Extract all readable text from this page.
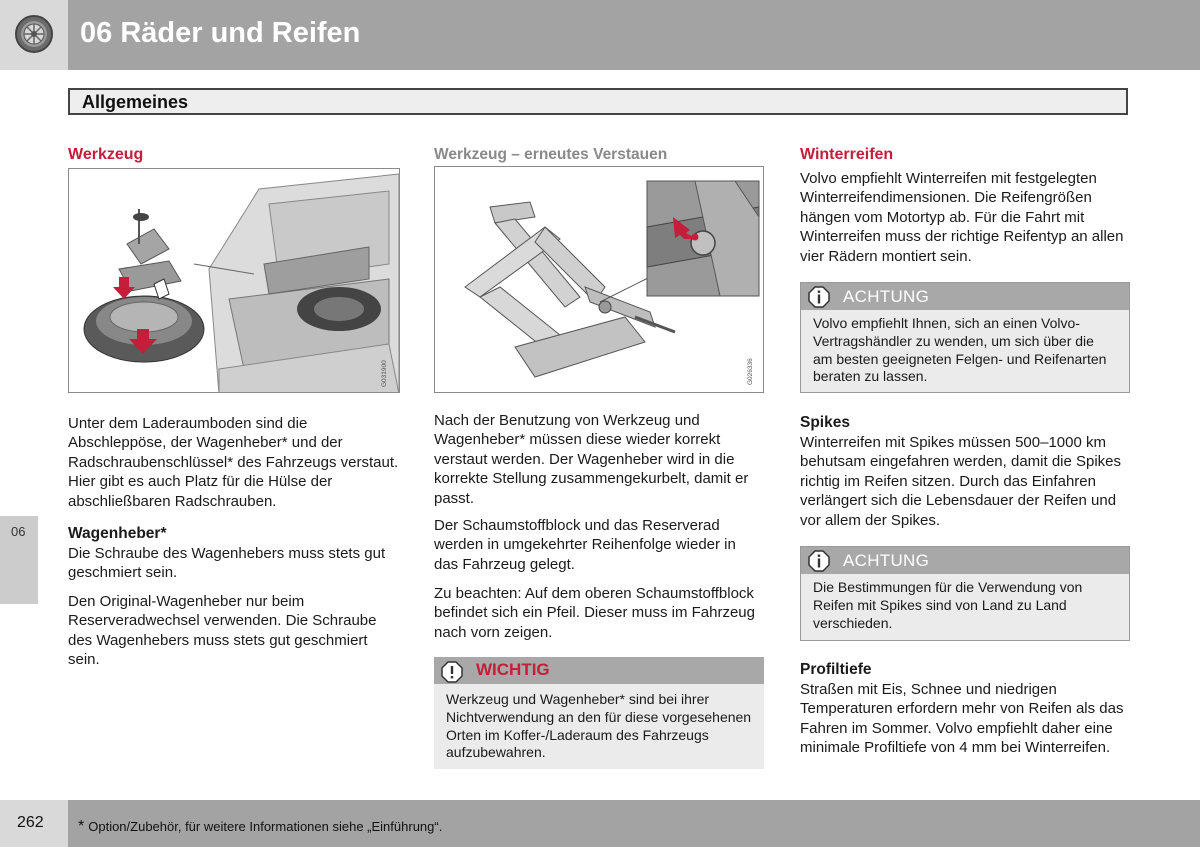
06 Räder und Reifen
Allgemeines
06
Werkzeug
G031900

Unter dem Laderaumboden sind die Abschleppöse, der Wagenheber* und der Radschraubenschlüssel* des Fahrzeugs verstaut. Hier gibt es auch Platz für die Hülse der abschließbaren Radschrauben.

Wagenheber*

Die Schraube des Wagenhebers muss stets gut geschmiert sein.

Den Original-Wagenheber nur beim Reserveradwechsel verwenden. Die Schraube des Wagenhebers muss stets gut geschmiert sein.

Werkzeug – erneutes Verstauen
G026336

Nach der Benutzung von Werkzeug und Wagenheber* müssen diese wieder korrekt verstaut werden. Der Wagenheber wird in die korrekte Stellung zusammengekurbelt, damit er passt.

Der Schaumstoffblock und das Reserverad werden in umgekehrter Reihenfolge wieder in das Fahrzeug gelegt.

Zu beachten: Auf dem oberen Schaumstoffblock befindet sich ein Pfeil. Dieser muss im Fahrzeug nach vorn zeigen.

WICHTIG

Werkzeug und Wagenheber* sind bei ihrer Nichtverwendung an den für diese vorgesehenen Orten im Koffer-/Laderaum des Fahrzeugs aufzubewahren.

Winterreifen

Volvo empfiehlt Winterreifen mit festgelegten Winterreifendimensionen. Die Reifengrößen hängen vom Motortyp ab. Für die Fahrt mit Winterreifen muss der richtige Reifentyp an allen vier Rädern montiert sein.

ACHTUNG

Volvo empfiehlt Ihnen, sich an einen Volvo-Vertragshändler zu wenden, um sich über die am besten geeigneten Felgen- und Reifenarten beraten zu lassen.

Spikes

Winterreifen mit Spikes müssen 500–1000 km behutsam eingefahren werden, damit die Spikes richtig im Reifen sitzen. Durch das Einfahren verlängert sich die Lebensdauer der Reifen und vor allem der Spikes.

ACHTUNG

Die Bestimmungen für die Verwendung von Reifen mit Spikes sind von Land zu Land verschieden.

Profiltiefe

Straßen mit Eis, Schnee und niedrigen Temperaturen erfordern mehr von Reifen als das Fahren im Sommer. Volvo empfiehlt daher eine minimale Profiltiefe von 4 mm bei Winterreifen.

262 * Option/Zubehör, für weitere Informationen siehe „Einführung“.
